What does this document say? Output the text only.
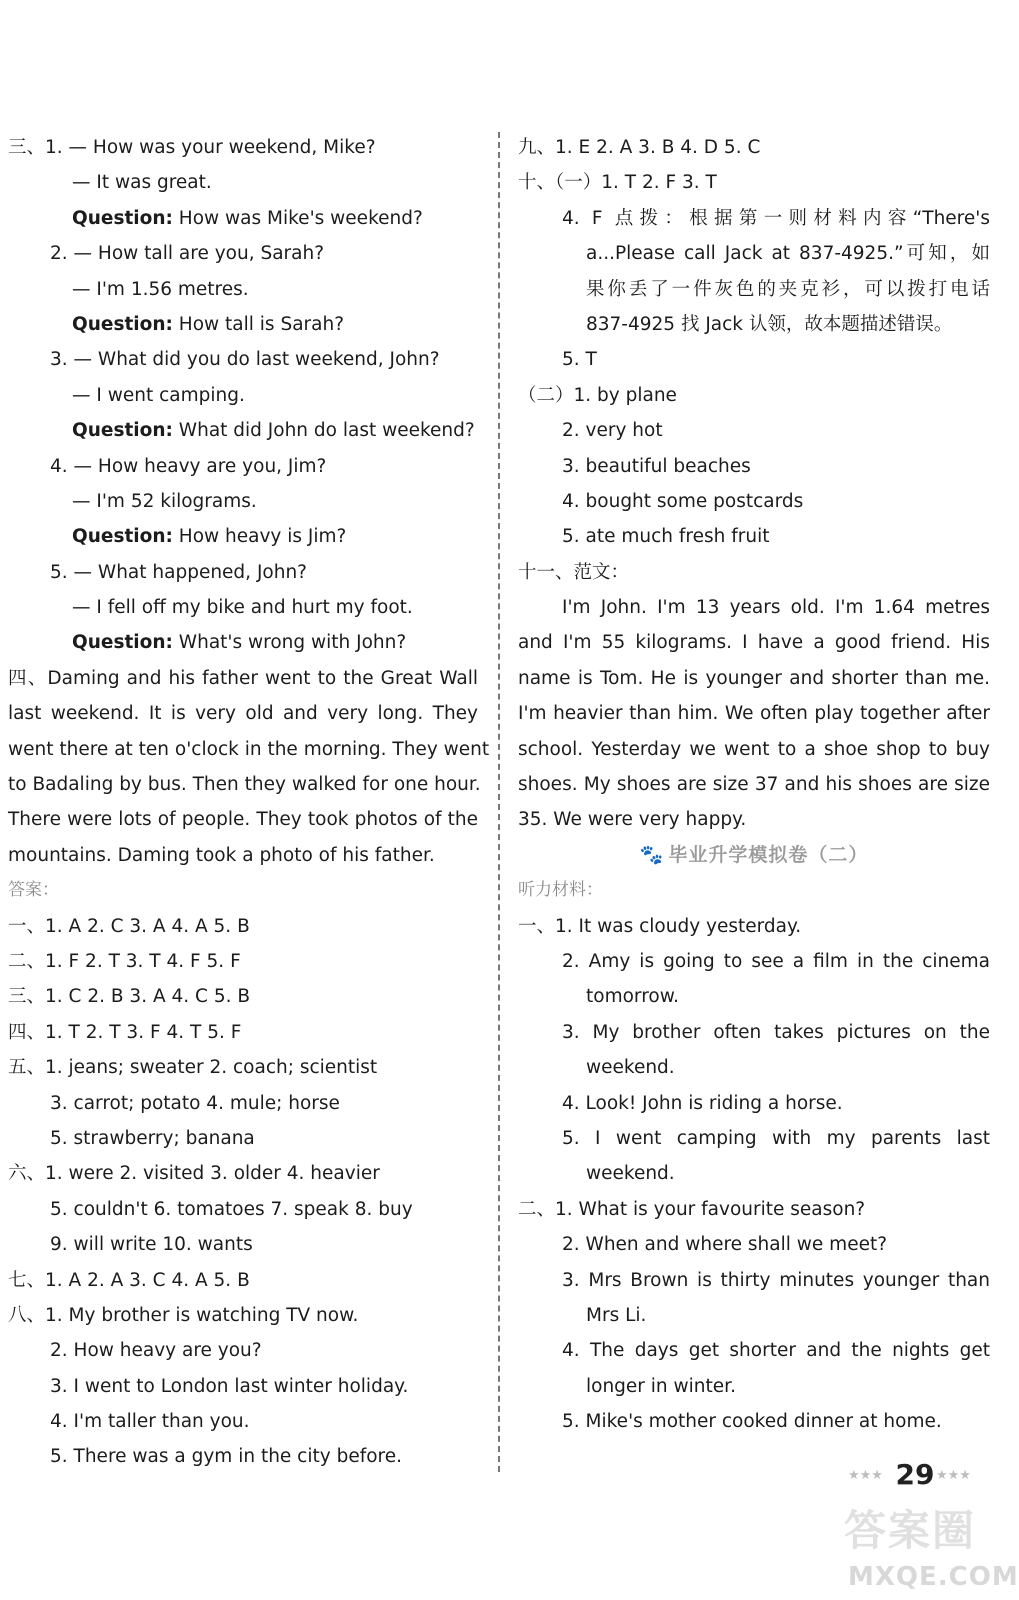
三、1. — How was your weekend, Mike?
— It was great.
Question: How was Mike's weekend?
2. — How tall are you, Sarah?
— I'm 1.56 metres.
Question: How tall is Sarah?
3. — What did you do last weekend, John?
— I went camping.
Question: What did John do last weekend?
4. — How heavy are you, Jim?
— I'm 52 kilograms.
Question: How heavy is Jim?
5. — What happened, John?
— I fell off my bike and hurt my foot.
Question: What's wrong with John?
四、Daming and his father went to the Great Wall
last weekend. It is very old and very long. They
went there at ten o'clock in the morning. They went
to Badaling by bus. Then they walked for one hour.
There were lots of people. They took photos of the
mountains. Daming took a photo of his father.
答案：
一、1. A 2. C 3. A 4. A 5. B
二、1. F 2. T 3. T 4. F 5. F
三、1. C 2. B 3. A 4. C 5. B
四、1. T 2. T 3. F 4. T 5. F
五、1. jeans; sweater 2. coach; scientist
3. carrot; potato 4. mule; horse
5. strawberry; banana
六、1. were 2. visited 3. older 4. heavier
5. couldn't 6. tomatoes 7. speak 8. buy
9. will write 10. wants
七、1. A 2. A 3. C 4. A 5. B
八、1. My brother is watching TV now.
2. How heavy are you?
3. I went to London last winter holiday.
4. I'm taller than you.
5. There was a gym in the city before.
九、1. E 2. A 3. B 4. D 5. C
十、（一）1. T 2. F 3. T
4. F 点拨：根据第一则材料内容“There's
a...Please call Jack at 837-4925.”可知，如
果你丢了一件灰色的夹克衫，可以拨打电话
837-4925 找 Jack 认领，故本题描述错误。
5. T
（二）1. by plane
2. very hot
3. beautiful beaches
4. bought some postcards
5. ate much fresh fruit
十一、范文：
I'm John. I'm 13 years old. I'm 1.64 metres
and I'm 55 kilograms. I have a good friend. His
name is Tom. He is younger and shorter than me.
I'm heavier than him. We often play together after
school. Yesterday we went to a shoe shop to buy
shoes. My shoes are size 37 and his shoes are size
35. We were very happy.
🐾 毕业升学模拟卷（二）
听力材料：
一、1. It was cloudy yesterday.
2. Amy is going to see a film in the cinema
tomorrow.
3. My brother often takes pictures on the
weekend.
4. Look! John is riding a horse.
5. I went camping with my parents last
weekend.
二、1. What is your favourite season?
2. When and where shall we meet?
3. Mrs Brown is thirty minutes younger than
Mrs Li.
4. The days get shorter and the nights get
longer in winter.
5. Mike's mother cooked dinner at home.
★★★ 29 ★★★
答案圈
MXQE.COM
